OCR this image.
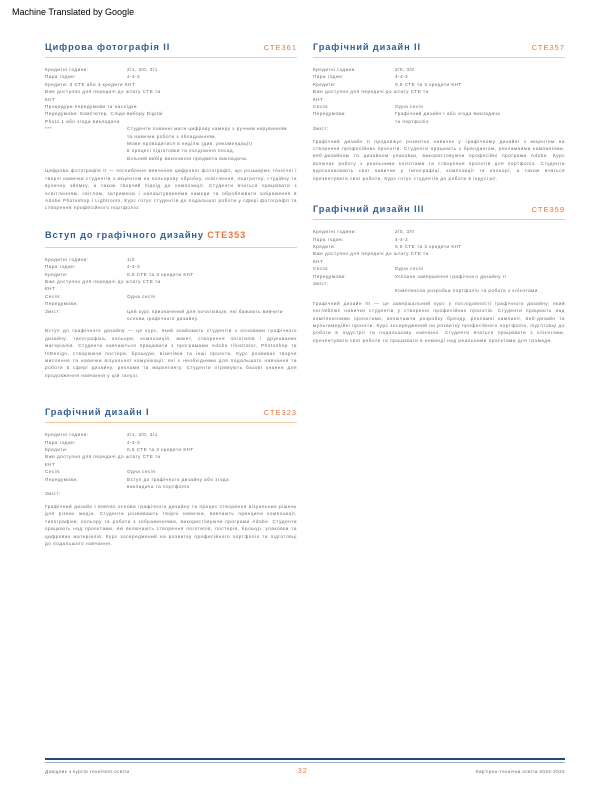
Machine Translated by Google
Цифрова фотографія ІІ	СТЕ361
Кредитні години:	2/1, 3/0, 3/1
Пара годин:	4-4-2
Кредити: 3 СТЕ або 3 кредити КНТ
Вже доступно для передачі до штату СТЕ та КНТ
Процедури передумови та наслідки
Передумови: Комп'ютер, Сліди вибору Digital Photo 1 або згода викладача
***	Студенти повинні мати цифрову камеру з ручним керуванням
та навички роботи з обладнанням.
Може проводитися в неділю (див. рекомендації)
в процесі підготовки та поєднання посад.
Вільний вибір виконання предмета викладача.
Цифрова фотографія ІІ — поглиблене вивчення цифрової фотографії, що розширює технічні і творчі навички студентів з акцентом на кольорову обробку, освітлення, портретну, студійну та вуличну зйомку, а також творчий підхід до композиції. Студенти вчаться працювати з освітленням, світлом, затримкою і налаштуваннями камери та оброблювати зображення в Adobe Photoshop і Lightroom. Курс готує студентів до подальшої роботи у сфері фотографії та створення професійного портфоліо.
Вступ до графічного дизайну СТЕ353
Кредитні години:	1/2
Пара годин:	4-4-2
Кредити:	0,5 СТЕ та 3 кредити КНТ
Вже доступно для передачі до штату СТЕ та КНТ
Сесія:	Одна сесія
Передумови:
Зміст:	Цей курс призначений для початківців, які бажають вивчити
основи графічного дизайну.
Вступ до графічного дизайну — це курс, який знайомить студентів з основами графічного дизайну: типографіка, кольори, композиція, макет, створення логотипів і друкованих матеріалів. Студенти навчаються працювати з програмами Adobe Illustrator, Photoshop та InDesign, створюючи постери, брошури, візитівки та інші проєкти. Курс розвиває творче мислення та навички візуальної комунікації, які є необхідними для подальшого навчання та роботи в сфері дизайну, реклами та маркетингу. Студенти отримують базові знання для продовження навчання у цій галузі.
Графічний дизайн І	СТЕ323
Кредитні години:	2/1, 3/0, 3/1
Пара годин:	4-4-2
Кредити:	0,5 СТЕ та 3 кредити КНТ
Вже доступно для передачі до штату СТЕ та КНТ
Сесія:	Одна сесія
Передумови:	Вступ до графічного дизайну або згода
викладача та портфоліо
Зміст:
Графічний дизайн І вивчає основи графічного дизайну та процес створення візуальних рішень для різних медіа. Студенти розвивають творчі навички, вивчають принципи композиції, типографіки, кольору та роботи з зображеннями, використовуючи програми Adobe. Студенти працюють над проєктами, які включають створення логотипів, постерів, брошур, упаковки та цифрових матеріалів. Курс зосереджений на розвитку професійного портфоліо та підготовці до подальшого навчання.
Графічний дизайн ІІ	СТЕ357
Кредитні години:	2/0, 3/0
Пара годин:	4-4-2
Кредити:	0,5 СТЕ та 3 кредити КНТ
Вже доступно для передачі до штату СТЕ та КНТ
Сесія:	Одна сесія
Передумови:	Графічний дизайн І або згода викладача
та портфоліо
Зміст:
Графічний дизайн ІІ продовжує розвиток навичок у графічному дизайні з акцентом на створення професійних проєктів. Студенти працюють з брендингом, рекламними кампаніями, веб-дизайном та дизайном упаковки, використовуючи професійні програми Adobe. Курс включає роботу з реальними клієнтами та створення проєктів для портфоліо. Студенти вдосконалюють свої навички у типографіці, композиції та кольорі, а також вчаться презентувати свої роботи. Курс готує студентів до роботи в індустрії.
Графічний дизайн ІІІ	СТЕ359
Кредитні години:	2/0, 3/0
Пара годин:	4-4-2
Кредити:	0,5 СТЕ та 3 кредити КНТ
Вже доступно для передачі до штату СТЕ та КНТ
Сесія:	Одна сесія
Передумови:	Успішне завершення графічного дизайну ІІ
Зміст:
Комплексна розробка портфоліо та робота з клієнтами.
Графічний дизайн ІІІ — це завершальний курс у послідовності графічного дизайну, який поглиблює навички студентів у створенні професійних проєктів. Студенти працюють над комплексними проєктами, включаючи розробку бренду, рекламні кампанії, веб-дизайн та мультимедійні проєкти. Курс зосереджений на розвитку професійного портфоліо, підготовці до роботи в індустрії та подальшому навчанні. Студенти вчаться працювати з клієнтами, презентувати свої роботи та працювати в команді над реальними проєктами для громади.
Довідник з курсів технічної освіти	32	Кар'єрно-технічна освіта 2022-2023
